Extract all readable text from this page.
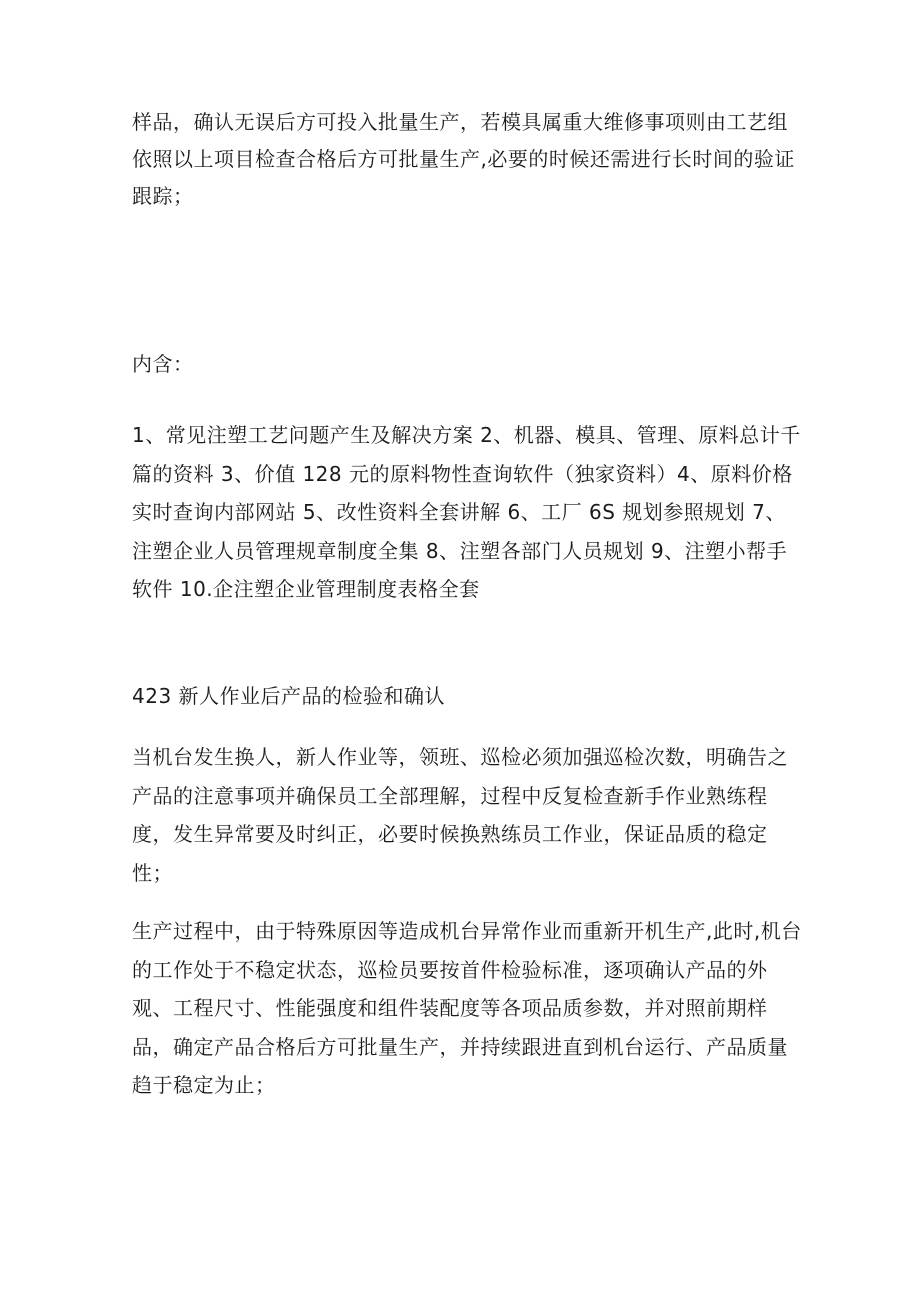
样品，确认无误后方可投入批量生产，若模具属重大维修事项则由工艺组依照以上项目检查合格后方可批量生产,必要的时候还需进行长时间的验证跟踪；

内含：

1、常见注塑工艺问题产生及解决方案 2、机器、模具、管理、原料总计千篇的资料 3、价值 128 元的原料物性查询软件（独家资料）4、原料价格实时查询内部网站 5、改性资料全套讲解 6、工厂 6S 规划参照规划 7、注塑企业人员管理规章制度全集 8、注塑各部门人员规划 9、注塑小帮手软件 10.企注塑企业管理制度表格全套

423 新人作业后产品的检验和确认

当机台发生换人，新人作业等，领班、巡检必须加强巡检次数，明确告之产品的注意事项并确保员工全部理解，过程中反复检查新手作业熟练程度，发生异常要及时纠正，必要时候换熟练员工作业，保证品质的稳定性；

生产过程中，由于特殊原因等造成机台异常作业而重新开机生产,此时,机台的工作处于不稳定状态，巡检员要按首件检验标准，逐项确认产品的外观、工程尺寸、性能强度和组件装配度等各项品质参数，并对照前期样品，确定产品合格后方可批量生产，并持续跟进直到机台运行、产品质量趋于稳定为止；
